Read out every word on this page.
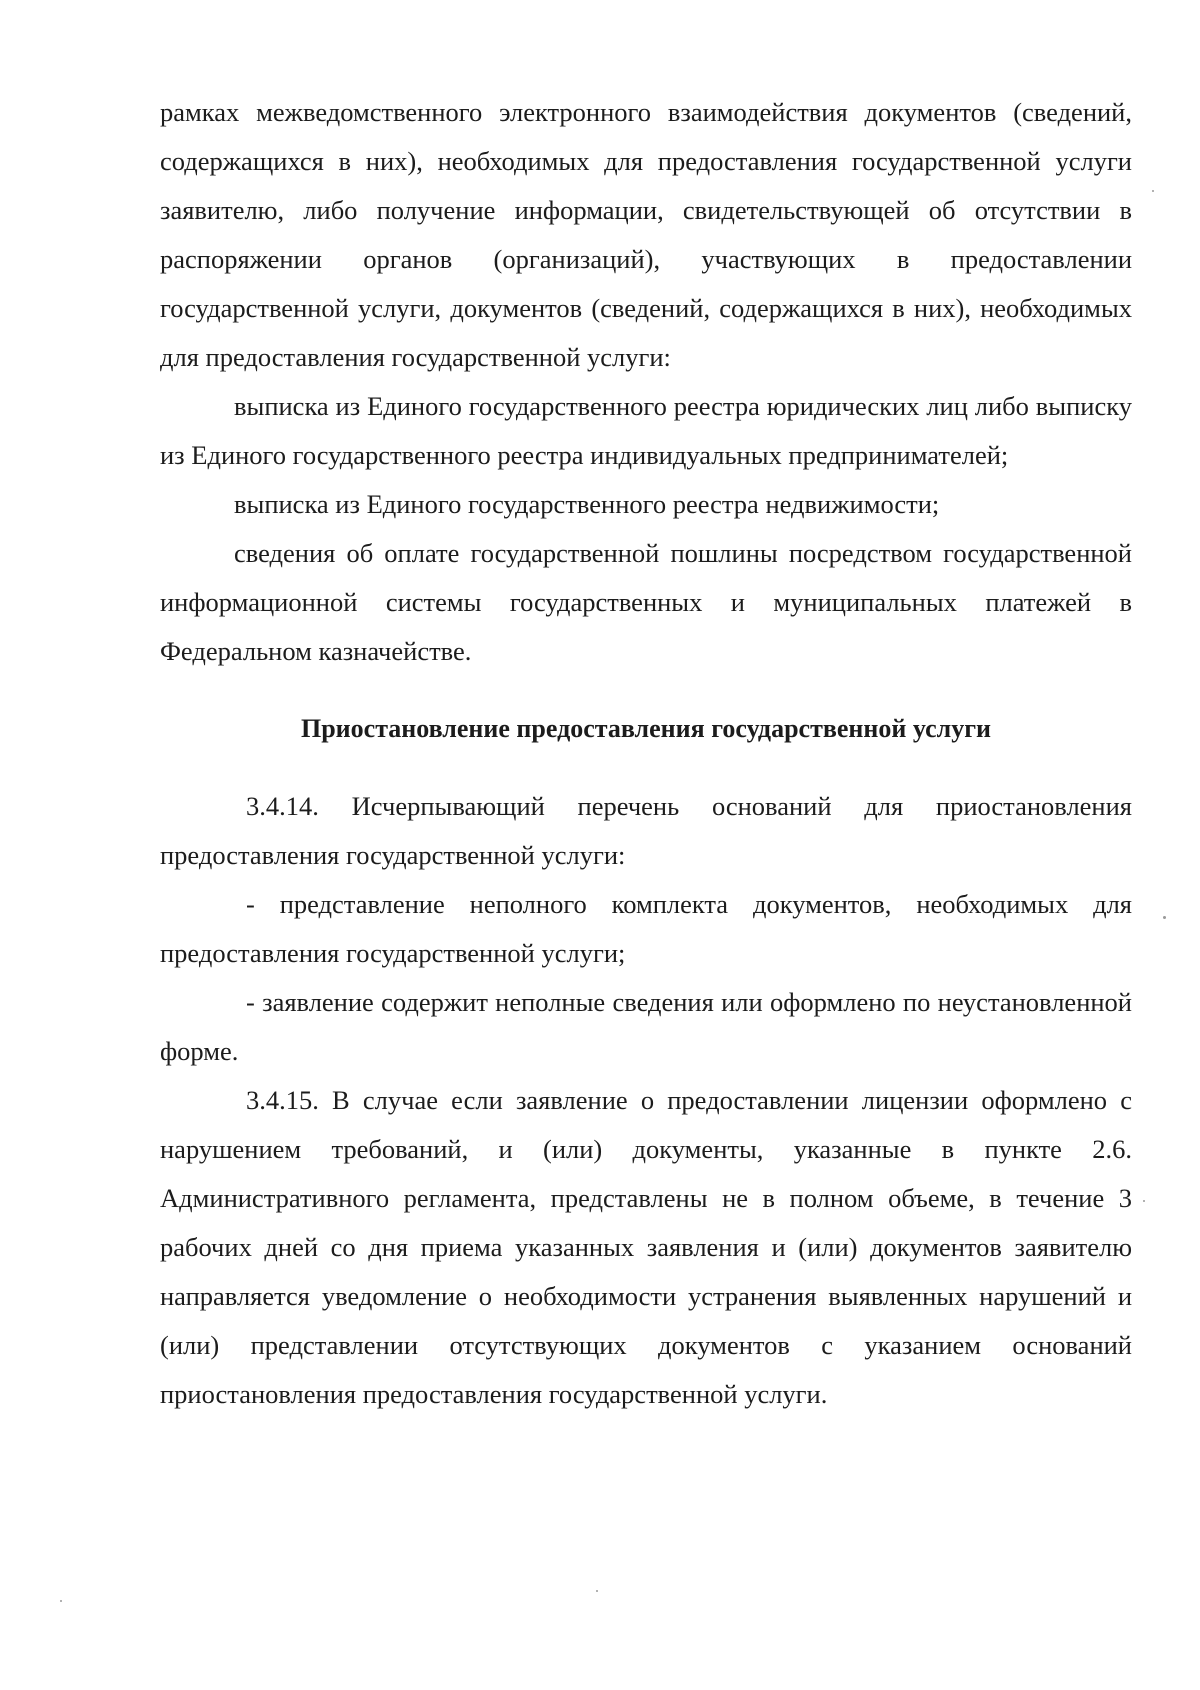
рамках межведомственного электронного взаимодействия документов (сведений, содержащихся в них), необходимых для предоставления государственной услуги заявителю, либо получение информации, свидетельствующей об отсутствии в распоряжении органов (организаций), участвующих в предоставлении государственной услуги, документов (сведений, содержащихся в них), необходимых для предоставления государственной услуги:

выписка из Единого государственного реестра юридических лиц либо выписку из Единого государственного реестра индивидуальных предпринимателей;

выписка из Единого государственного реестра недвижимости;

сведения об оплате государственной пошлины посредством государственной информационной системы государственных и муниципальных платежей в Федеральном казначействе.

Приостановление предоставления государственной услуги

3.4.14. Исчерпывающий перечень оснований для приостановления предоставления государственной услуги:

- представление неполного комплекта документов, необходимых для предоставления государственной услуги;

- заявление содержит неполные сведения или оформлено по неустановленной форме.

3.4.15. В случае если заявление о предоставлении лицензии оформлено с нарушением требований, и (или) документы, указанные в пункте 2.6. Административного регламента, представлены не в полном объеме, в течение 3 рабочих дней со дня приема указанных заявления и (или) документов заявителю направляется уведомление о необходимости устранения выявленных нарушений и (или) представлении отсутствующих документов с указанием оснований приостановления предоставления государственной услуги.
